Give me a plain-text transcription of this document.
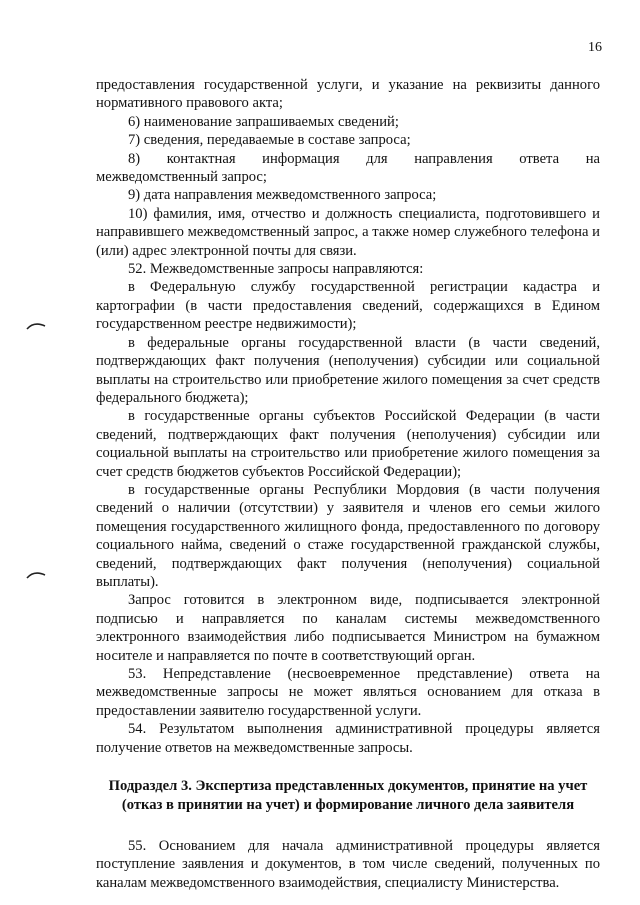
16

предоставления государственной услуги, и указание на реквизиты данного нормативного правового акта;

6) наименование запрашиваемых сведений;

7) сведения, передаваемые в составе запроса;

8) контактная информация для направления ответа на

межведомственный запрос;

9) дата направления межведомственного запроса;

10) фамилия, имя, отчество и должность специалиста, подготовившего и направившего межведомственный запрос, а также номер служебного телефона и (или) адрес электронной почты для связи.

52. Межведомственные запросы направляются:

в Федеральную службу государственной регистрации кадастра и картографии (в части предоставления сведений, содержащихся в Едином государственном реестре недвижимости);

в федеральные органы государственной власти (в части сведений, подтверждающих факт получения (неполучения) субсидии или социальной выплаты на строительство или приобретение жилого помещения за счет средств федерального бюджета);

в государственные органы субъектов Российской Федерации (в части сведений, подтверждающих факт получения (неполучения) субсидии или социальной выплаты на строительство или приобретение жилого помещения за счет средств бюджетов субъектов Российской Федерации);

в государственные органы Республики Мордовия (в части получения сведений о наличии (отсутствии) у заявителя и членов его семьи жилого помещения государственного жилищного фонда, предоставленного по договору социального найма, сведений о стаже государственной гражданской службы, сведений, подтверждающих факт получения (неполучения) социальной выплаты).

Запрос готовится в электронном виде, подписывается электронной подписью и направляется по каналам системы межведомственного электронного взаимодействия либо подписывается Министром на бумажном носителе и направляется по почте в соответствующий орган.

53. Непредставление (несвоевременное представление) ответа на межведомственные запросы не может являться основанием для отказа в предоставлении заявителю государственной услуги.

54. Результатом выполнения административной процедуры является получение ответов на межведомственные запросы.

Подраздел 3. Экспертиза представленных документов, принятие на учет
(отказ в принятии на учет) и формирование личного дела заявителя

55. Основанием для начала административной процедуры является поступление заявления и документов, в том числе сведений, полученных по каналам межведомственного взаимодействия, специалисту Министерства.
